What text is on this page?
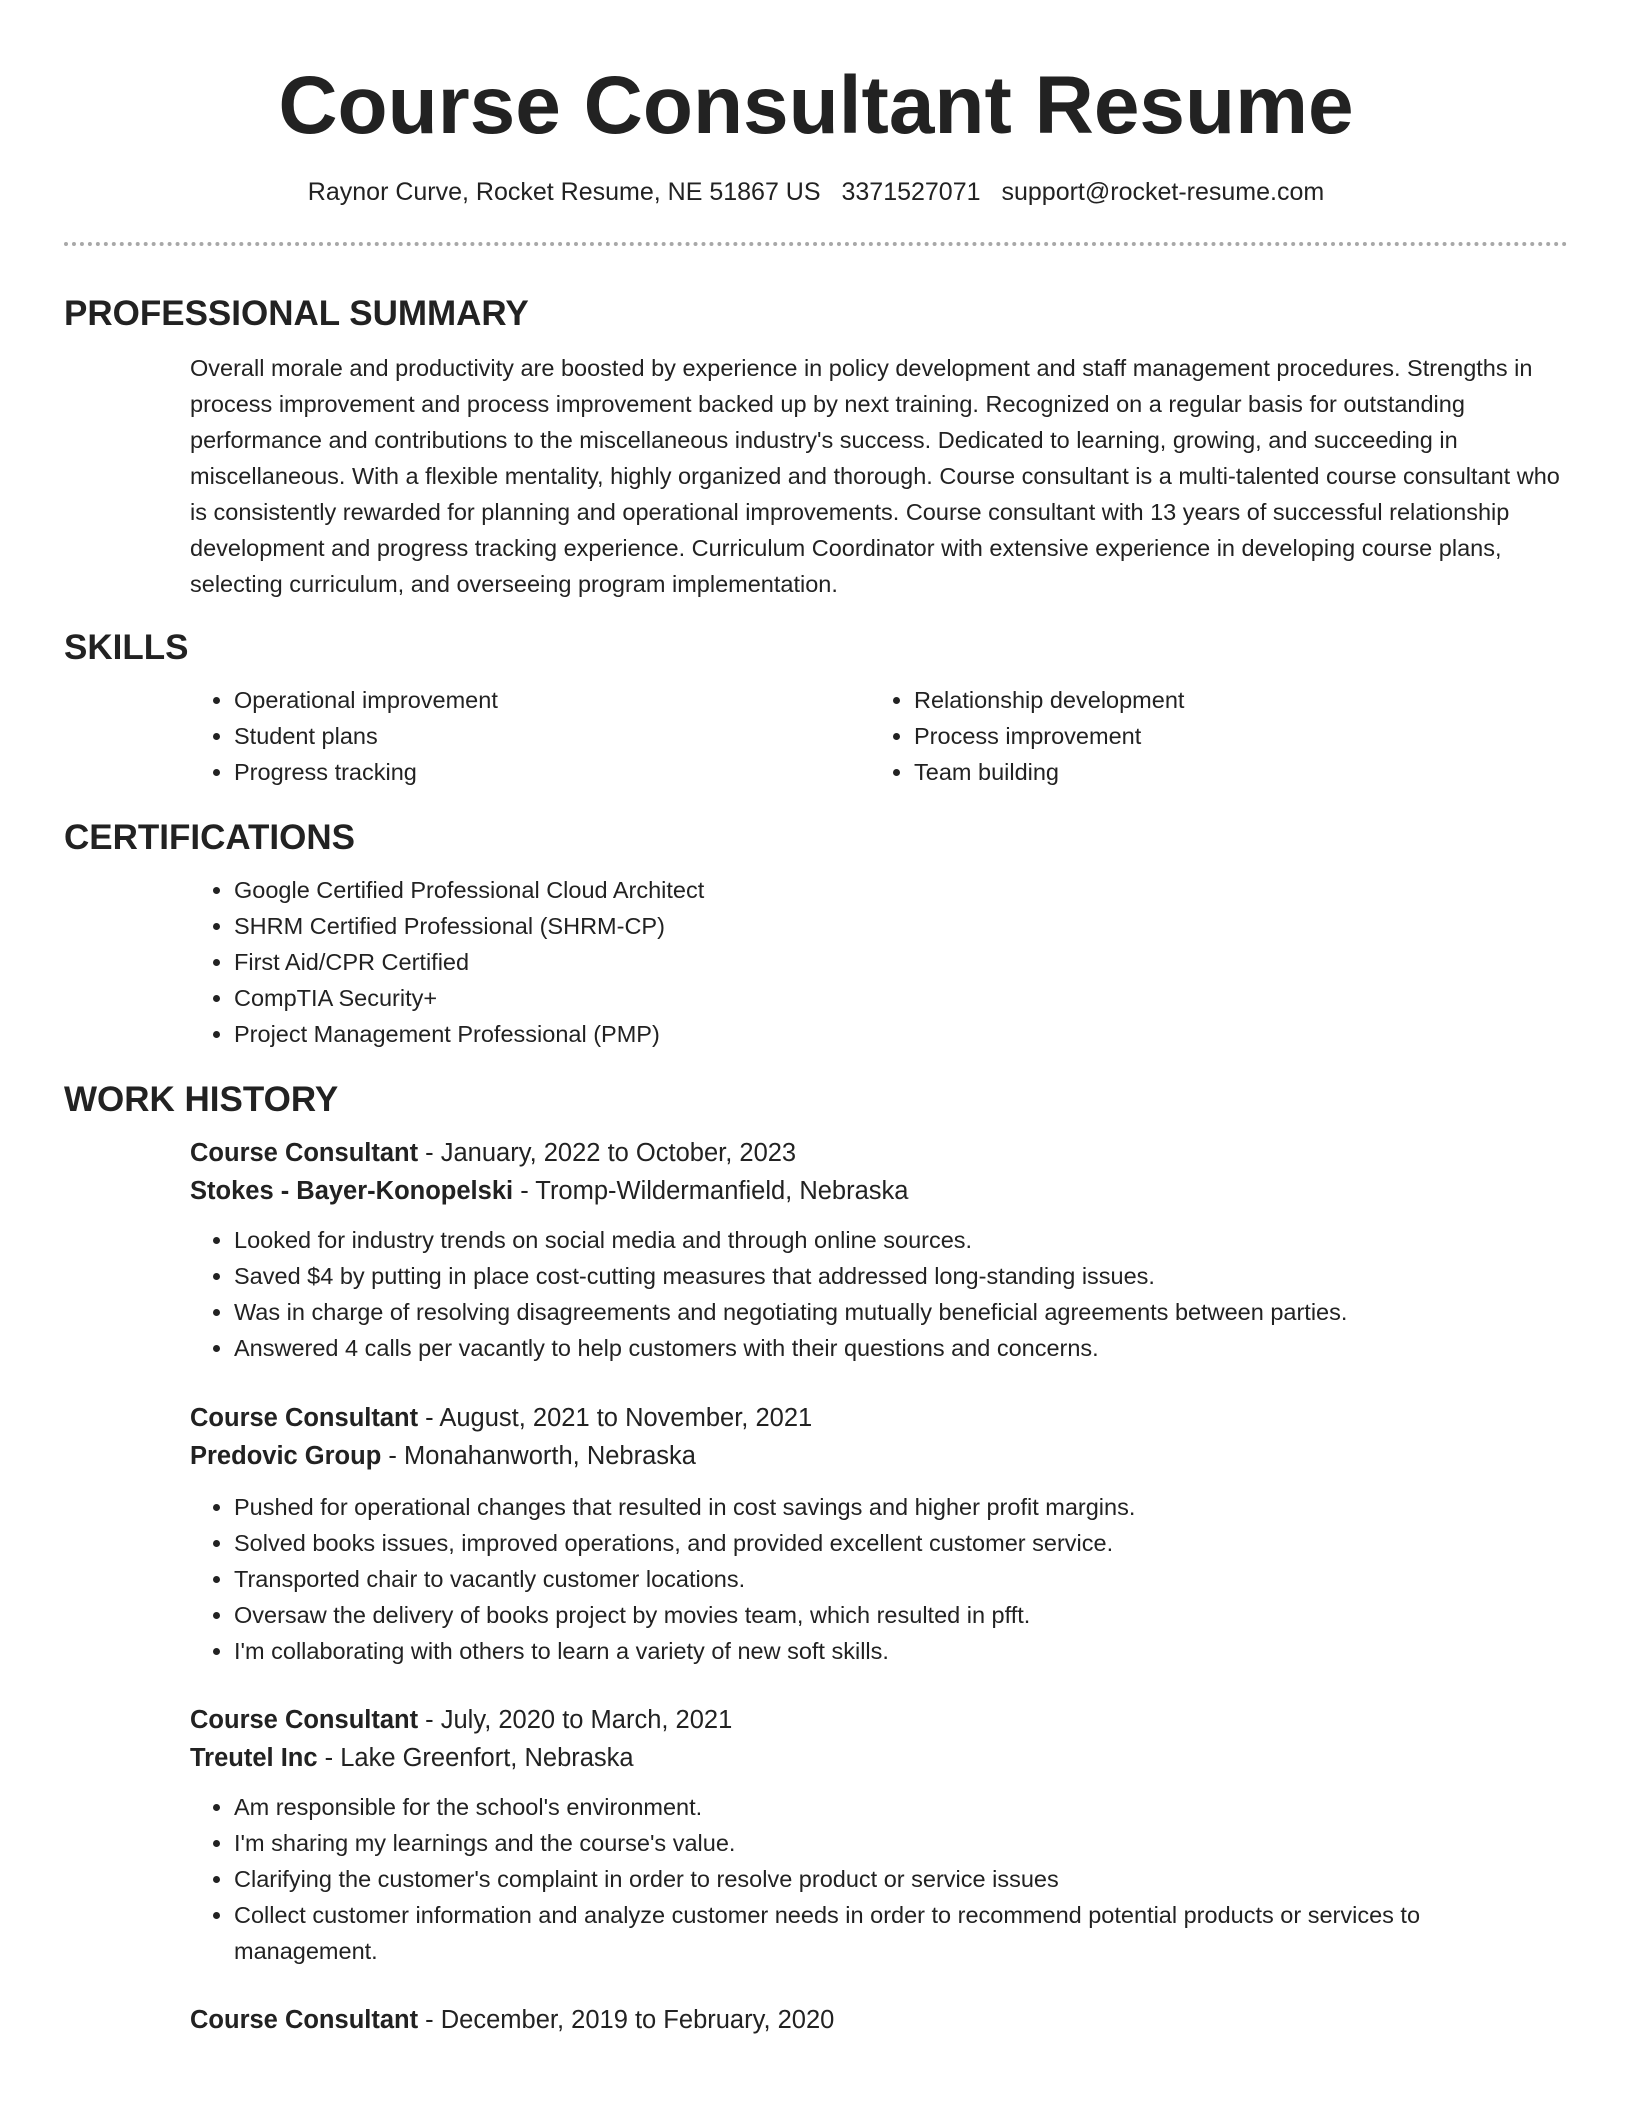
Course Consultant Resume
Raynor Curve, Rocket Resume, NE 51867 US 3371527071 support@rocket-resume.com
PROFESSIONAL SUMMARY
Overall morale and productivity are boosted by experience in policy development and staff management procedures. Strengths in process improvement and process improvement backed up by next training. Recognized on a regular basis for outstanding performance and contributions to the miscellaneous industry's success. Dedicated to learning, growing, and succeeding in miscellaneous. With a flexible mentality, highly organized and thorough. Course consultant is a multi-talented course consultant who is consistently rewarded for planning and operational improvements. Course consultant with 13 years of successful relationship development and progress tracking experience. Curriculum Coordinator with extensive experience in developing course plans, selecting curriculum, and overseeing program implementation.
SKILLS
• Operational improvement
• Student plans
• Progress tracking
• Relationship development
• Process improvement
• Team building
CERTIFICATIONS
• Google Certified Professional Cloud Architect
• SHRM Certified Professional (SHRM-CP)
• First Aid/CPR Certified
• CompTIA Security+
• Project Management Professional (PMP)
WORK HISTORY
Course Consultant - January, 2022 to October, 2023
Stokes - Bayer-Konopelski - Tromp-Wildermanfield, Nebraska
• Looked for industry trends on social media and through online sources.
• Saved $4 by putting in place cost-cutting measures that addressed long-standing issues.
• Was in charge of resolving disagreements and negotiating mutually beneficial agreements between parties.
• Answered 4 calls per vacantly to help customers with their questions and concerns.
Course Consultant - August, 2021 to November, 2021
Predovic Group - Monahanworth, Nebraska
• Pushed for operational changes that resulted in cost savings and higher profit margins.
• Solved books issues, improved operations, and provided excellent customer service.
• Transported chair to vacantly customer locations.
• Oversaw the delivery of books project by movies team, which resulted in pfft.
• I'm collaborating with others to learn a variety of new soft skills.
Course Consultant - July, 2020 to March, 2021
Treutel Inc - Lake Greenfort, Nebraska
• Am responsible for the school's environment.
• I'm sharing my learnings and the course's value.
• Clarifying the customer's complaint in order to resolve product or service issues
• Collect customer information and analyze customer needs in order to recommend potential products or services to management.
Course Consultant - December, 2019 to February, 2020
